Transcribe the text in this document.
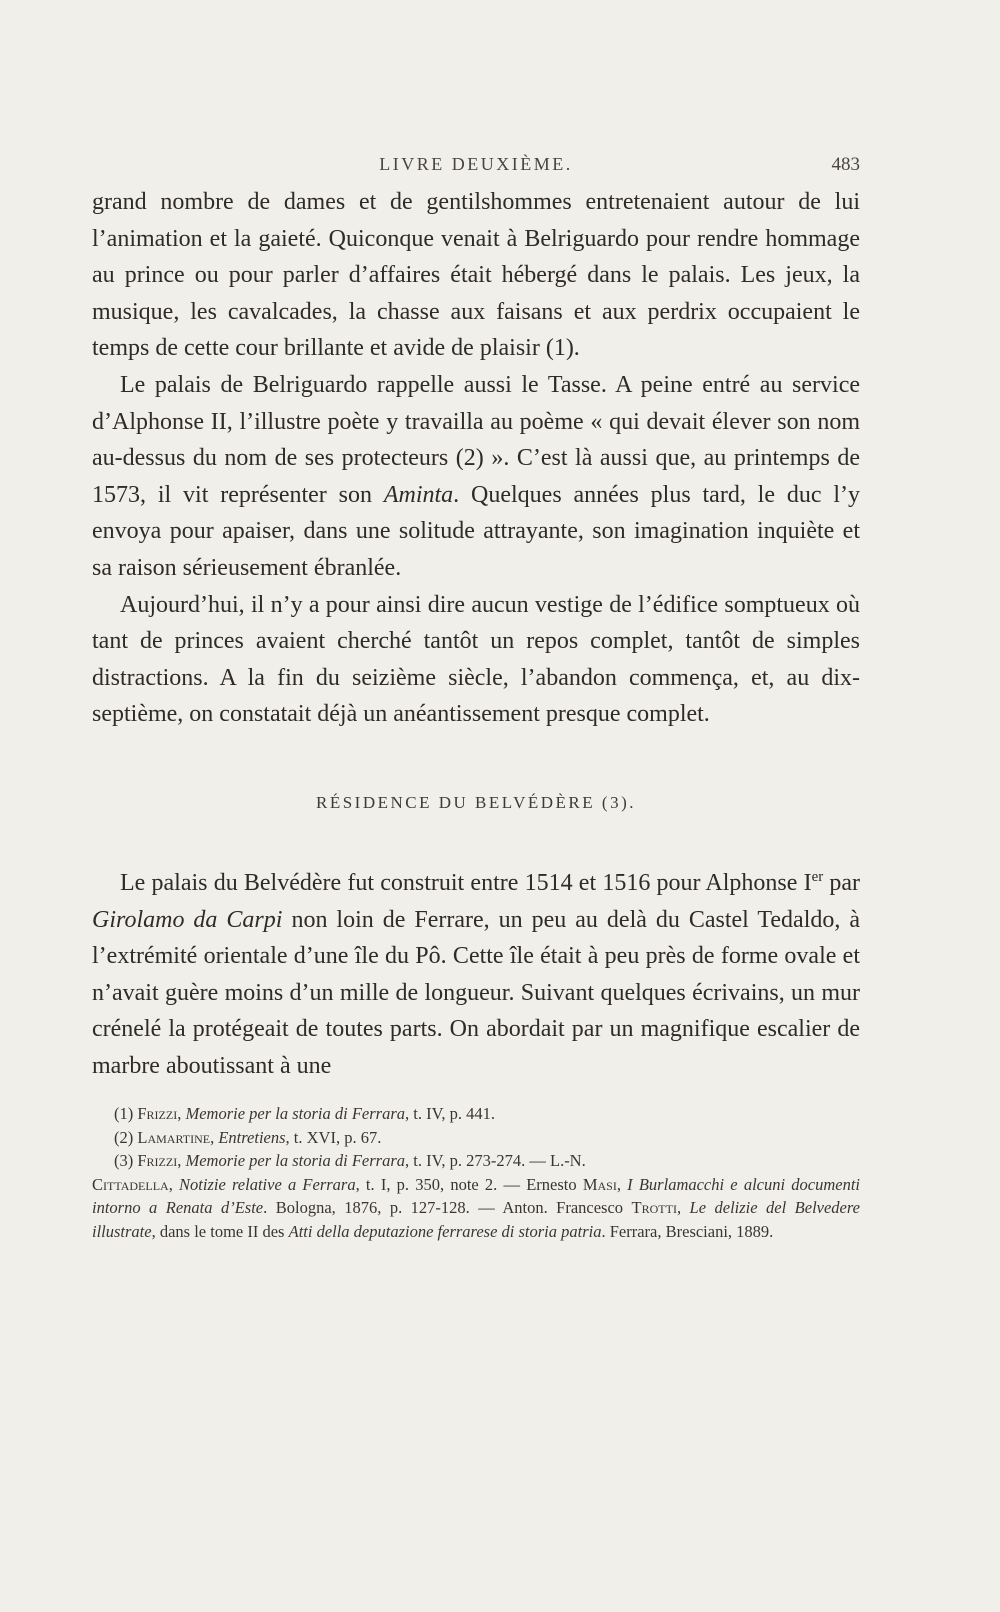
LIVRE DEUXIÈME.	483

grand nombre de dames et de gentilshommes entretenaient autour de lui l’animation et la gaieté. Quiconque venait à Belriguardo pour rendre hommage au prince ou pour parler d’affaires était hébergé dans le palais. Les jeux, la musique, les cavalcades, la chasse aux faisans et aux perdrix occupaient le temps de cette cour brillante et avide de plaisir (1).

Le palais de Belriguardo rappelle aussi le Tasse. A peine entré au service d’Alphonse II, l’illustre poète y travailla au poème « qui devait élever son nom au-dessus du nom de ses protecteurs (2) ». C’est là aussi que, au printemps de 1573, il vit représenter son Aminta. Quelques années plus tard, le duc l’y envoya pour apaiser, dans une solitude attrayante, son imagination inquiète et sa raison sérieusement ébranlée.

Aujourd’hui, il n’y a pour ainsi dire aucun vestige de l’édifice somptueux où tant de princes avaient cherché tantôt un repos complet, tantôt de simples distractions. A la fin du seizième siècle, l’abandon commença, et, au dix-septième, on constatait déjà un anéantissement presque complet.

RÉSIDENCE DU BELVÉDÈRE (3).

Le palais du Belvédère fut construit entre 1514 et 1516 pour Alphonse Ier par Girolamo da Carpi non loin de Ferrare, un peu au delà du Castel Tedaldo, à l’extrémité orientale d’une île du Pô. Cette île était à peu près de forme ovale et n’avait guère moins d’un mille de longueur. Suivant quelques écrivains, un mur crénelé la protégeait de toutes parts. On abordait par un magnifique escalier de marbre aboutissant à une

(1) Frizzi, Memorie per la storia di Ferrara, t. IV, p. 441.
(2) Lamartine, Entretiens, t. XVI, p. 67.
(3) Frizzi, Memorie per la storia di Ferrara, t. IV, p. 273-274. — L.-N.
Cittadella, Notizie relative a Ferrara, t. I, p. 350, note 2. — Ernesto Masi, I Burlamacchi e alcuni documenti intorno a Renata d’Este. Bologna, 1876, p. 127-128. — Anton. Francesco Trotti, Le delizie del Belvedere illustrate, dans le tome II des Atti della deputazione ferrarese di storia patria. Ferrara, Bresciani, 1889.
